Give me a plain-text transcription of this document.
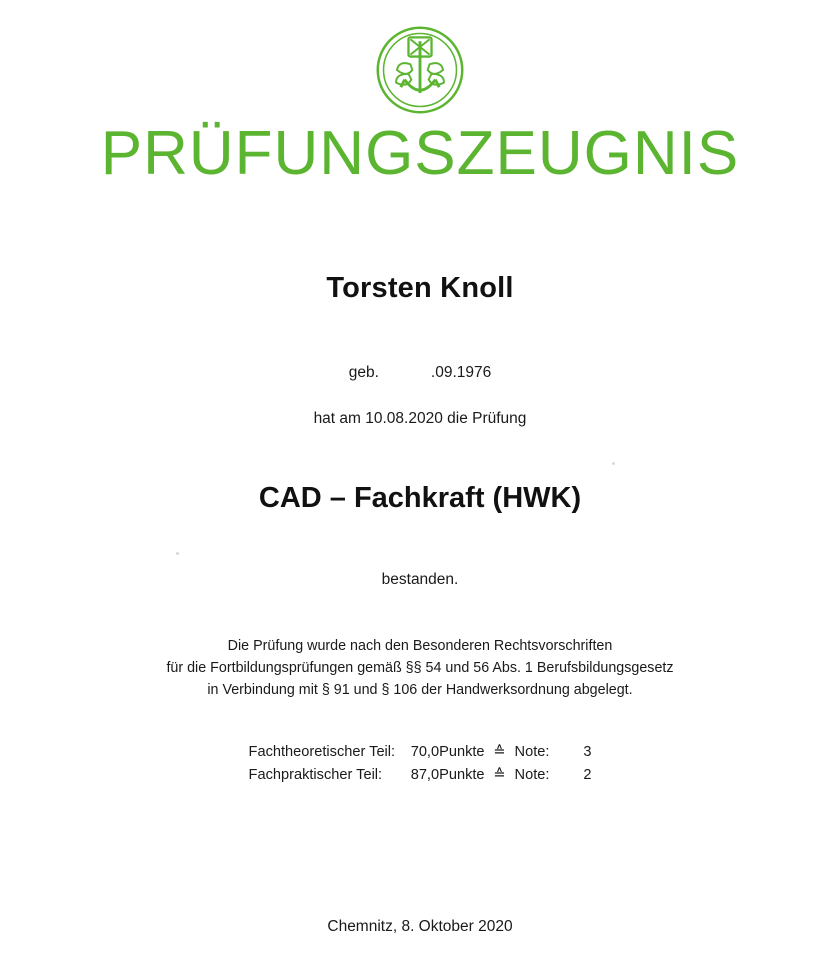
PRÜFUNGSZEUGNIS
Torsten Knoll
geb.	.09.1976
hat am 10.08.2020 die Prüfung
CAD – Fachkraft (HWK)
bestanden.
Die Prüfung wurde nach den Besonderen Rechtsvorschriften
für die Fortbildungsprüfungen gemäß §§ 54 und 56 Abs. 1 Berufsbildungsgesetz
in Verbindung mit § 91 und § 106 der Handwerksordnung abgelegt.
Fachtheoretischer Teil:	70,0	Punkte	≙	Note:	3
Fachpraktischer Teil:	87,0	Punkte	≙	Note:	2
Chemnitz, 8. Oktober 2020
